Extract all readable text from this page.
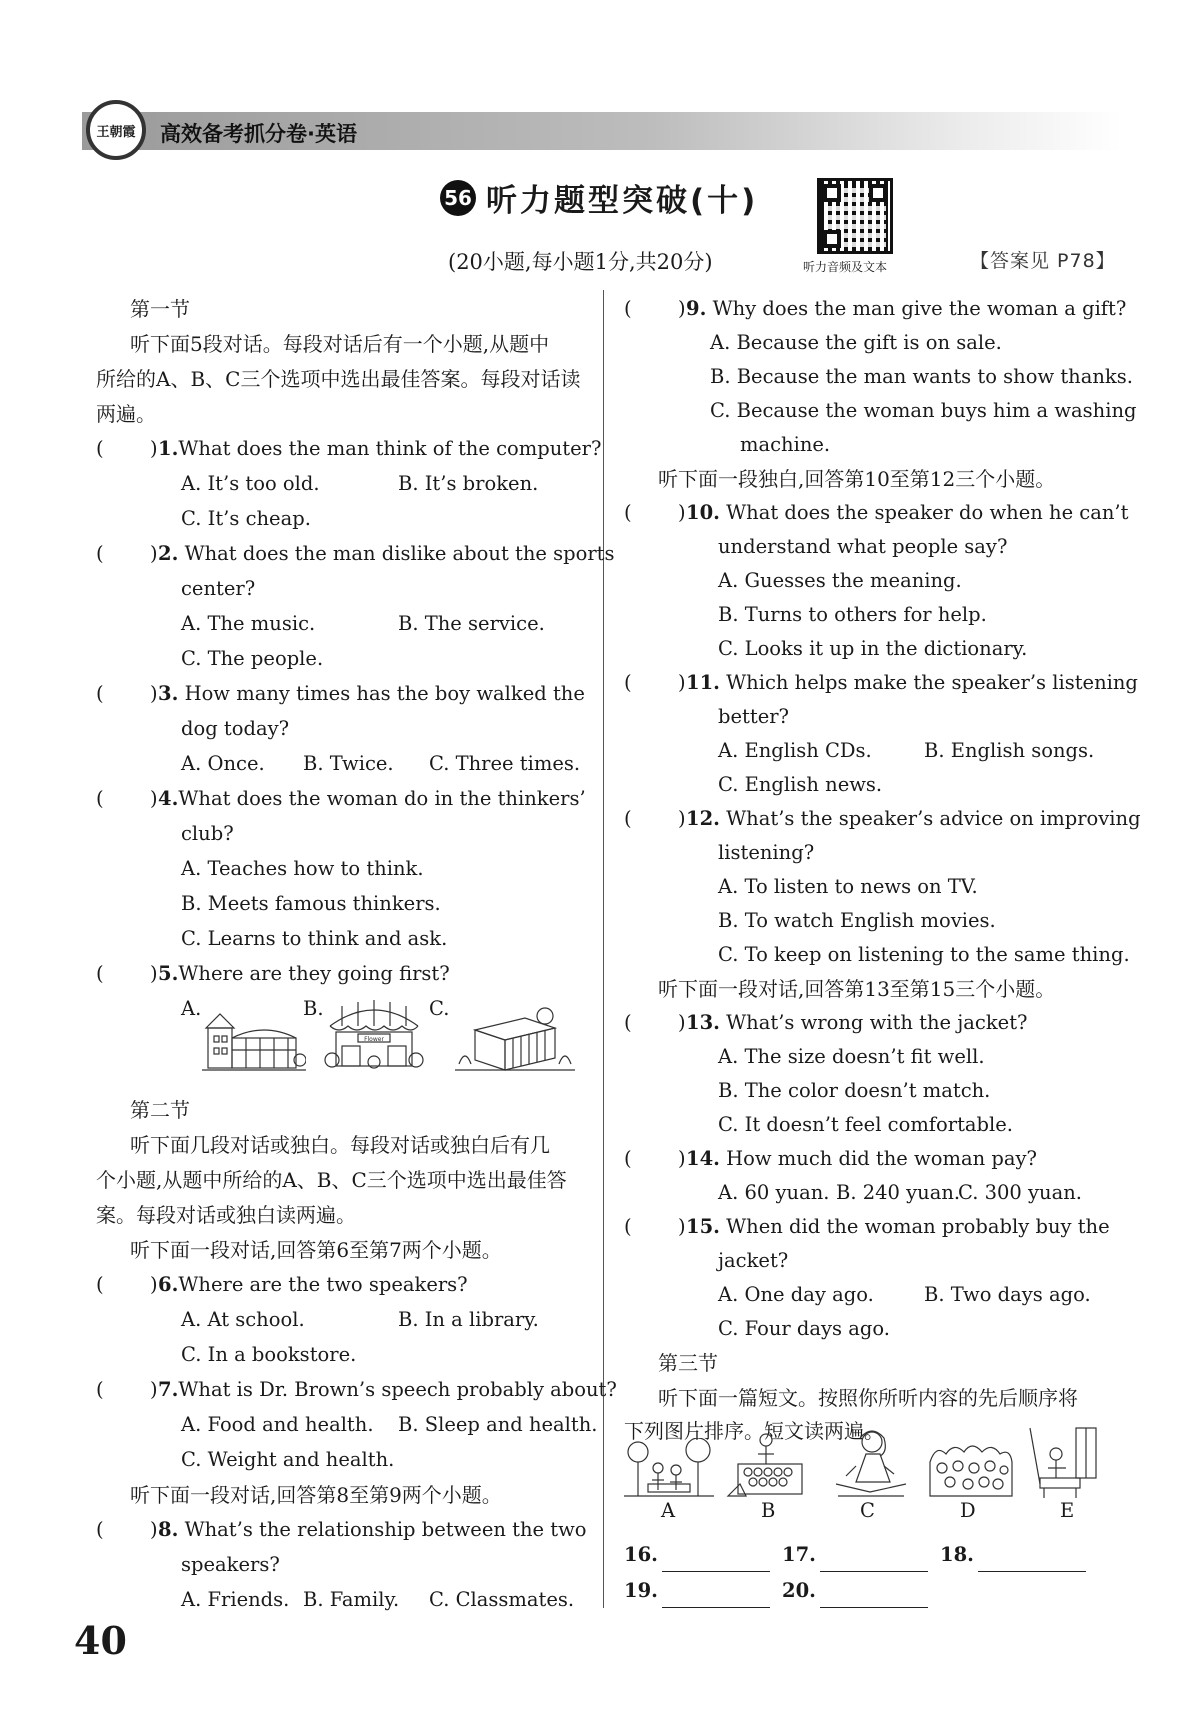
王朝霞 高效备考抓分卷·英语
56 听力题型突破(十)
听力音频及文本
(20小题,每小题1分,共20分)	【答案见 P78】
第一节
听下面5段对话。每段对话后有一个小题,从题中
所给的A、B、C三个选项中选出最佳答案。每段对话读
两遍。
( ) 1.What does the man think of the computer?
A. It’s too old.	B. It’s broken.
C. It’s cheap.
( ) 2. What does the man dislike about the sports
center?
A. The music.	B. The service.
C. The people.
( ) 3. How many times has the boy walked the
dog today?
A. Once. B. Twice. C. Three times.
( ) 4.What does the woman do in the thinkers’
club?
A. Teaches how to think.
B. Meets famous thinkers.
C. Learns to think and ask.
( ) 5.Where are they going first?
A.	B.	C.
Flower
第二节
听下面几段对话或独白。每段对话或独白后有几
个小题,从题中所给的A、B、C三个选项中选出最佳答
案。每段对话或独白读两遍。
听下面一段对话,回答第6至第7两个小题。
( ) 6.Where are the two speakers?
A. At school.	B. In a library.
C. In a bookstore.
( ) 7.What is Dr. Brown’s speech probably about?
A. Food and health. B. Sleep and health.
C. Weight and health.
听下面一段对话,回答第8至第9两个小题。
( ) 8. What’s the relationship between the two
speakers?
A. Friends. B. Family. C. Classmates.
( ) 9. Why does the man give the woman a gift?
A. Because the gift is on sale.
B. Because the man wants to show thanks.
C. Because the woman buys him a washing
machine.
听下面一段独白,回答第10至第12三个小题。
( ) 10. What does the speaker do when he can’t
understand what people say?
A. Guesses the meaning.
B. Turns to others for help.
C. Looks it up in the dictionary.
( ) 11. Which helps make the speaker’s listening
better?
A. English CDs.	B. English songs.
C. English news.
( ) 12. What’s the speaker’s advice on improving
listening?
A. To listen to news on TV.
B. To watch English movies.
C. To keep on listening to the same thing.
听下面一段对话,回答第13至第15三个小题。
( ) 13. What’s wrong with the jacket?
A. The size doesn’t fit well.
B. The color doesn’t match.
C. It doesn’t feel comfortable.
( ) 14. How much did the woman pay?
A. 60 yuan. B. 240 yuan.
C. 300 yuan.
( ) 15. When did the woman probably buy the
jacket?
A. One day ago.	B. Two days ago.
C. Four days ago.
第三节
听下面一篇短文。按照你所听内容的先后顺序将
下列图片排序。短文读两遍。
A	B	C	D	E
16.	17.	18.
19.	20.
40
